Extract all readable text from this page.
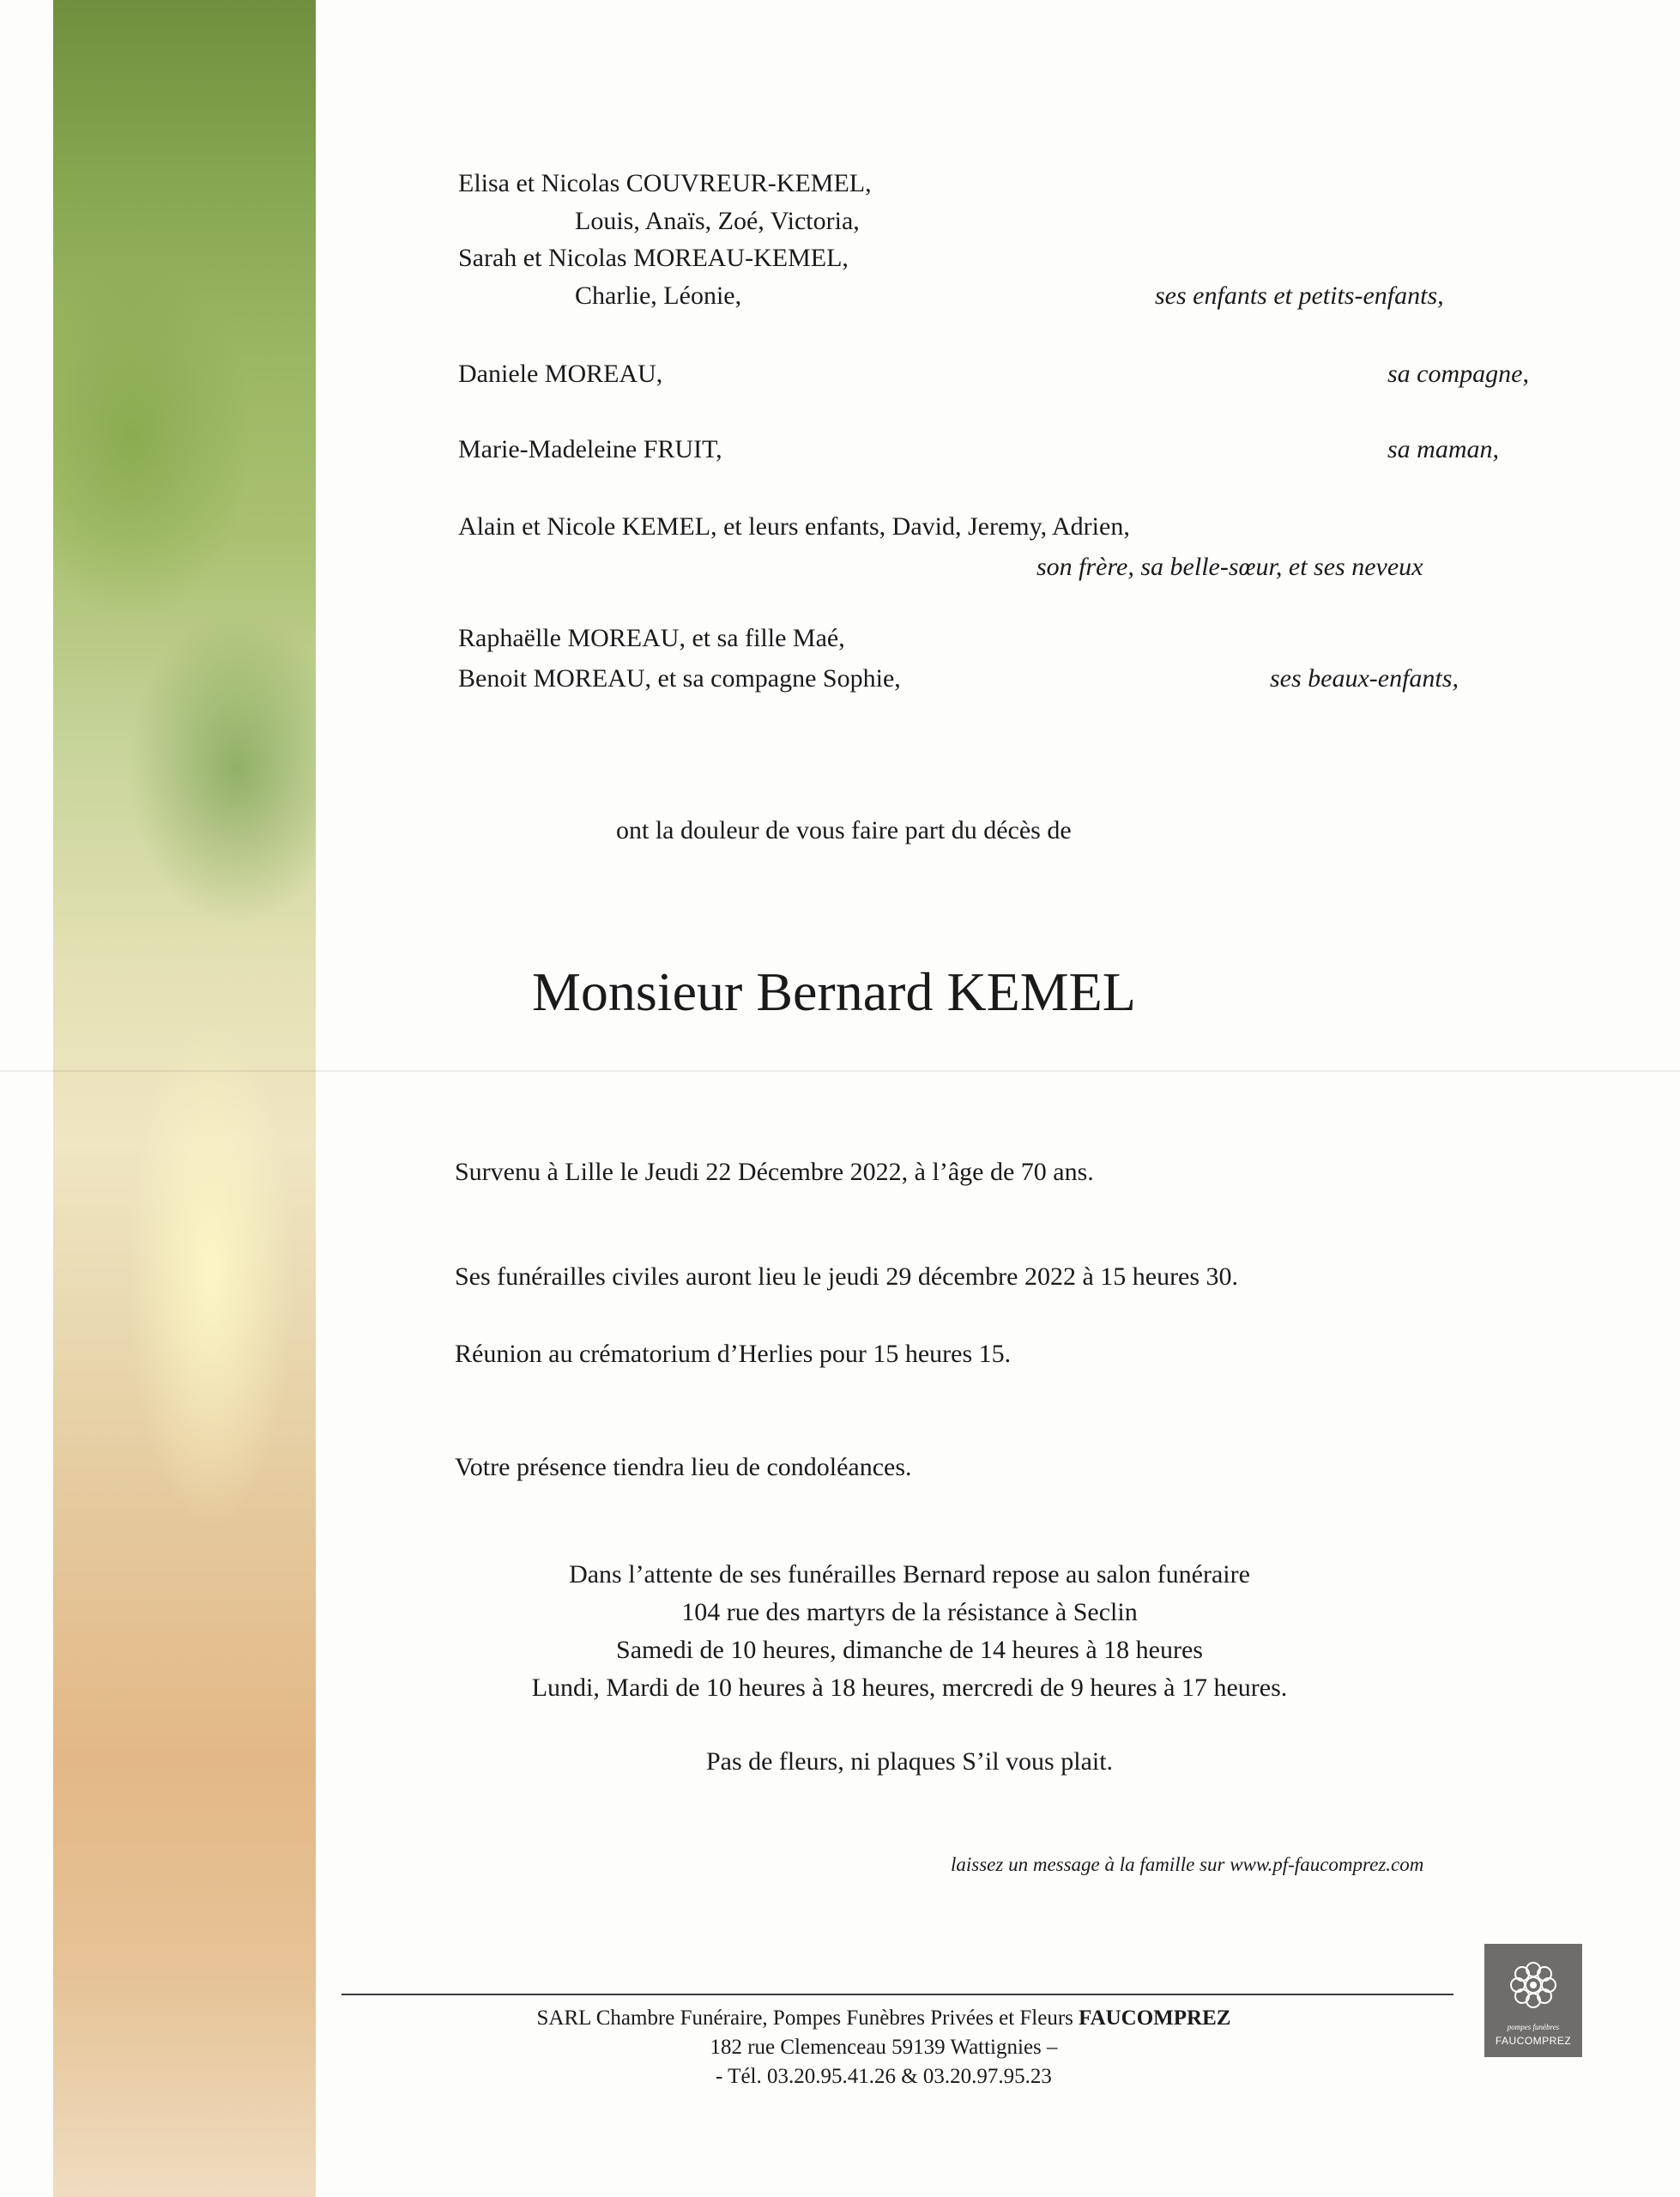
Elisa et Nicolas COUVREUR-KEMEL,
Louis, Anaïs, Zoé, Victoria,
Sarah et Nicolas MOREAU-KEMEL,
Charlie, Léonie,	ses enfants et petits-enfants,
Daniele MOREAU,	sa compagne,
Marie-Madeleine FRUIT,	sa maman,
Alain et Nicole KEMEL, et leurs enfants, David, Jeremy, Adrien,
son frère, sa belle-sœur, et ses neveux
Raphaëlle MOREAU, et sa fille Maé,
Benoit MOREAU, et sa compagne Sophie,	ses beaux-enfants,
ont la douleur de vous faire part du décès de
Monsieur Bernard KEMEL
Survenu à Lille le Jeudi 22 Décembre 2022, à l’âge de 70 ans.
Ses funérailles civiles auront lieu le jeudi 29 décembre 2022 à 15 heures 30.
Réunion au crématorium d’Herlies pour 15 heures 15.
Votre présence tiendra lieu de condoléances.
Dans l’attente de ses funérailles Bernard repose au salon funéraire
104 rue des martyrs de la résistance à Seclin
Samedi de 10 heures, dimanche de 14 heures à 18 heures
Lundi, Mardi de 10 heures à 18 heures, mercredi de 9 heures à 17 heures.
Pas de fleurs, ni plaques S’il vous plait.
laissez un message à la famille sur www.pf-faucomprez.com
SARL Chambre Funéraire, Pompes Funèbres Privées et Fleurs FAUCOMPREZ
182 rue Clemenceau 59139 Wattignies –
- Tél. 03.20.95.41.26 & 03.20.97.95.23
pompes funèbres
FAUCOMPREZ
